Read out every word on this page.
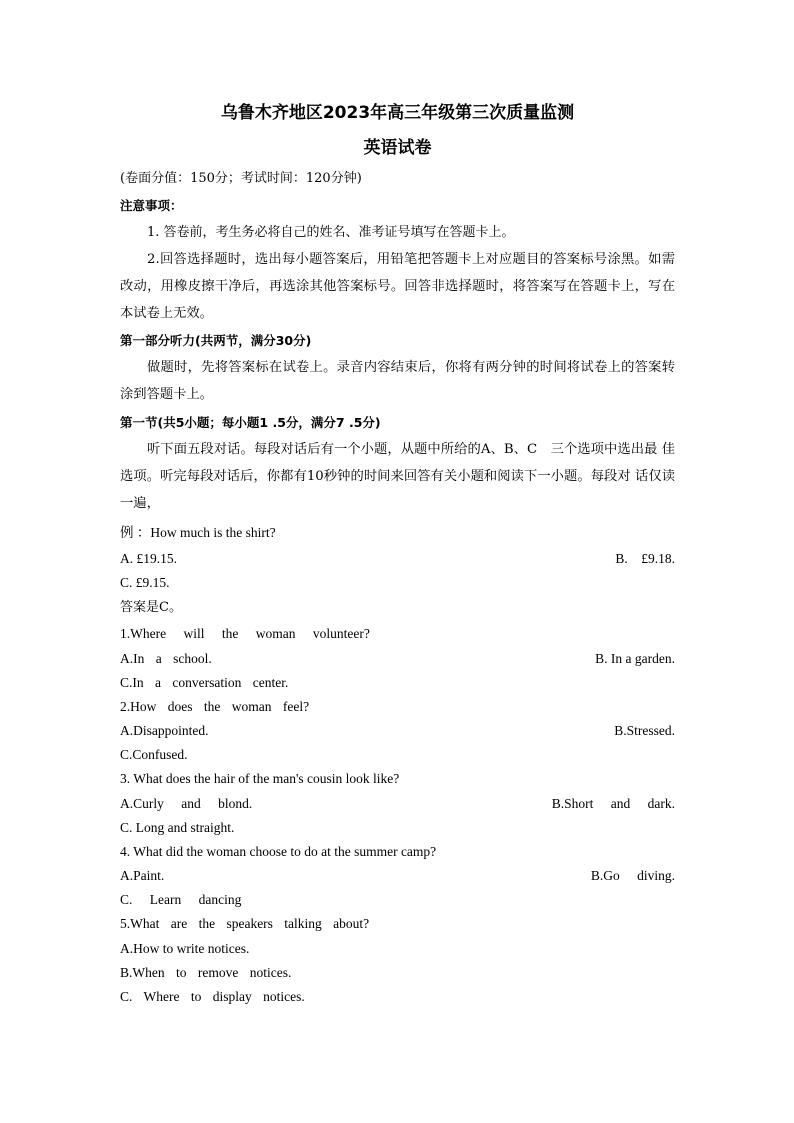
乌鲁木齐地区2023年高三年级第三次质量监测
英语试卷
(卷面分值：150分；考试时间：120分钟)
注意事项：
1. 答卷前，考生务必将自己的姓名、准考证号填写在答题卡上。
2.回答选择题时，选出每小题答案后，用铅笔把答题卡上对应题目的答案标号涂黑。如需改动，用橡皮擦干净后，再选涂其他答案标号。回答非选择题时，将答案写在答题卡上，写在本试卷上无效。
第一部分听力(共两节，满分30分)
做题时，先将答案标在试卷上。录音内容结束后，你将有两分钟的时间将试卷上的答案转涂到答题卡上。
第一节(共5小题；每小题1 .5分，满分7 .5分)
听下面五段对话。每段对话后有一个小题，从题中所给的A、B、C　三个选项中选出最 佳选项。听完每段对话后，你都有10秒钟的时间来回答有关小题和阅读下一小题。每段对 话仅读一遍，
例 ：How much is the shirt?
A. £19.15.	B.　£9.18.
C. £9.15.
答案是C。
1.Where will the woman volunteer?
A.In a school.	B. In a garden.
C.In a conversation center.
2.How does the woman feel?
A.Disappointed.	B.Stressed.
C.Confused.
3. What does the hair of the man's cousin look like?
A.Curly and blond.	B.Short and dark.
C. Long and straight.
4. What did the woman choose to do at the summer camp?
A.Paint.	B.Go diving.
C. Learn dancing
5.What are the speakers talking about?
A.How to write notices.
B.When to remove notices.
C. Where to display notices.
